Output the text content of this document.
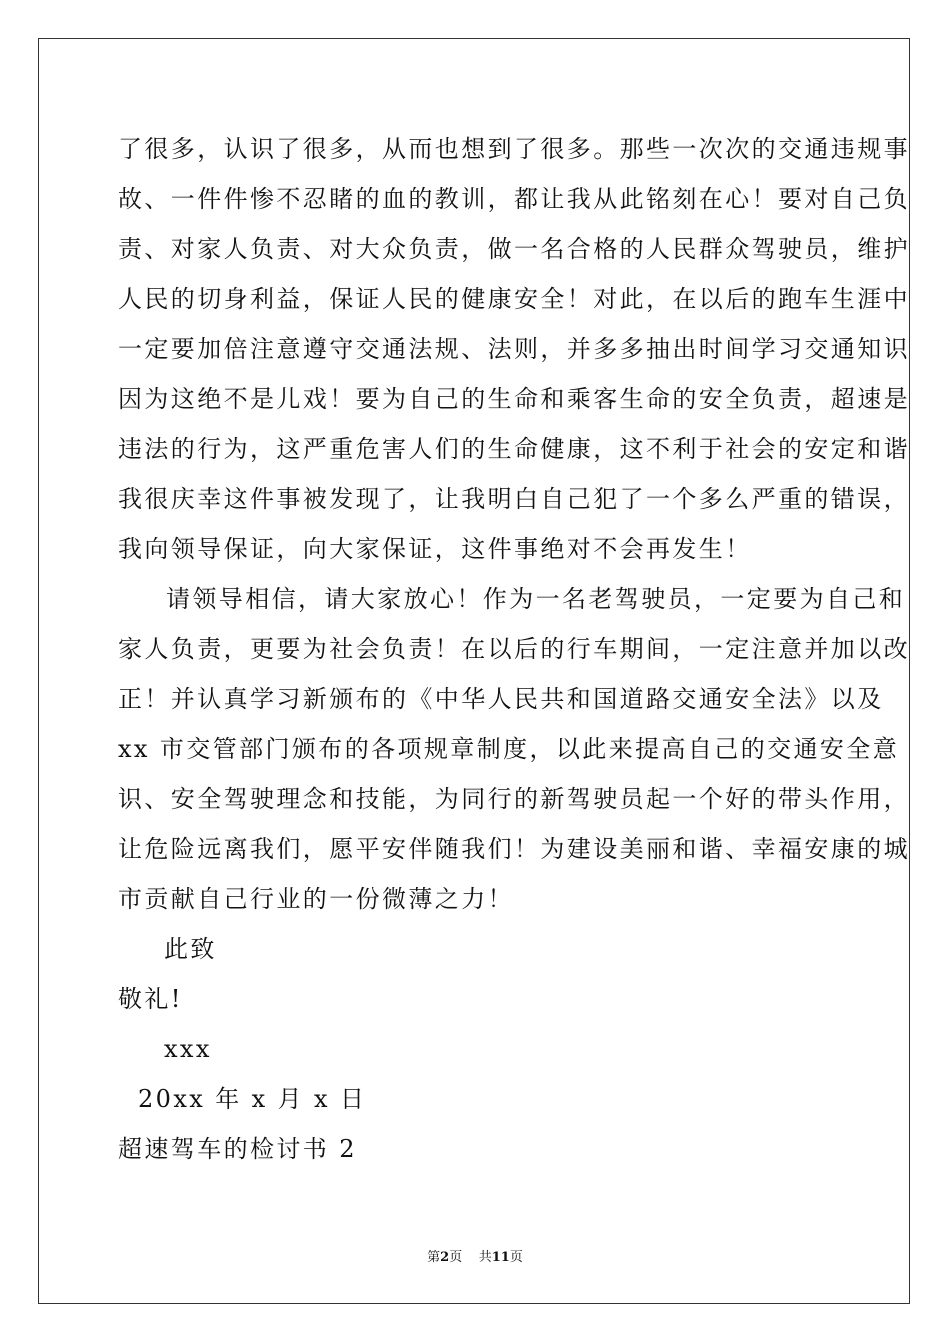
了很多，认识了很多，从而也想到了很多。那些一次次的交通违规事
故、一件件惨不忍睹的血的教训，都让我从此铭刻在心！要对自己负
责、对家人负责、对大众负责，做一名合格的人民群众驾驶员，维护
人民的切身利益，保证人民的健康安全！对此，在以后的跑车生涯中
一定要加倍注意遵守交通法规、法则，并多多抽出时间学习交通知识
因为这绝不是儿戏！要为自己的生命和乘客生命的安全负责，超速是
违法的行为，这严重危害人们的生命健康，这不利于社会的安定和谐
我很庆幸这件事被发现了，让我明白自己犯了一个多么严重的错误，
我向领导保证，向大家保证，这件事绝对不会再发生！
请领导相信，请大家放心！作为一名老驾驶员，一定要为自己和
家人负责，更要为社会负责！在以后的行车期间，一定注意并加以改
正！并认真学习新颁布的《中华人民共和国道路交通安全法》以及
xx 市交管部门颁布的各项规章制度，以此来提高自己的交通安全意
识、安全驾驶理念和技能，为同行的新驾驶员起一个好的带头作用，
让危险远离我们，愿平安伴随我们！为建设美丽和谐、幸福安康的城
市贡献自己行业的一份微薄之力！
此致
敬礼!
xxx
20xx 年 x 月 x 日
超速驾车的检讨书 2
第2页    共11页
